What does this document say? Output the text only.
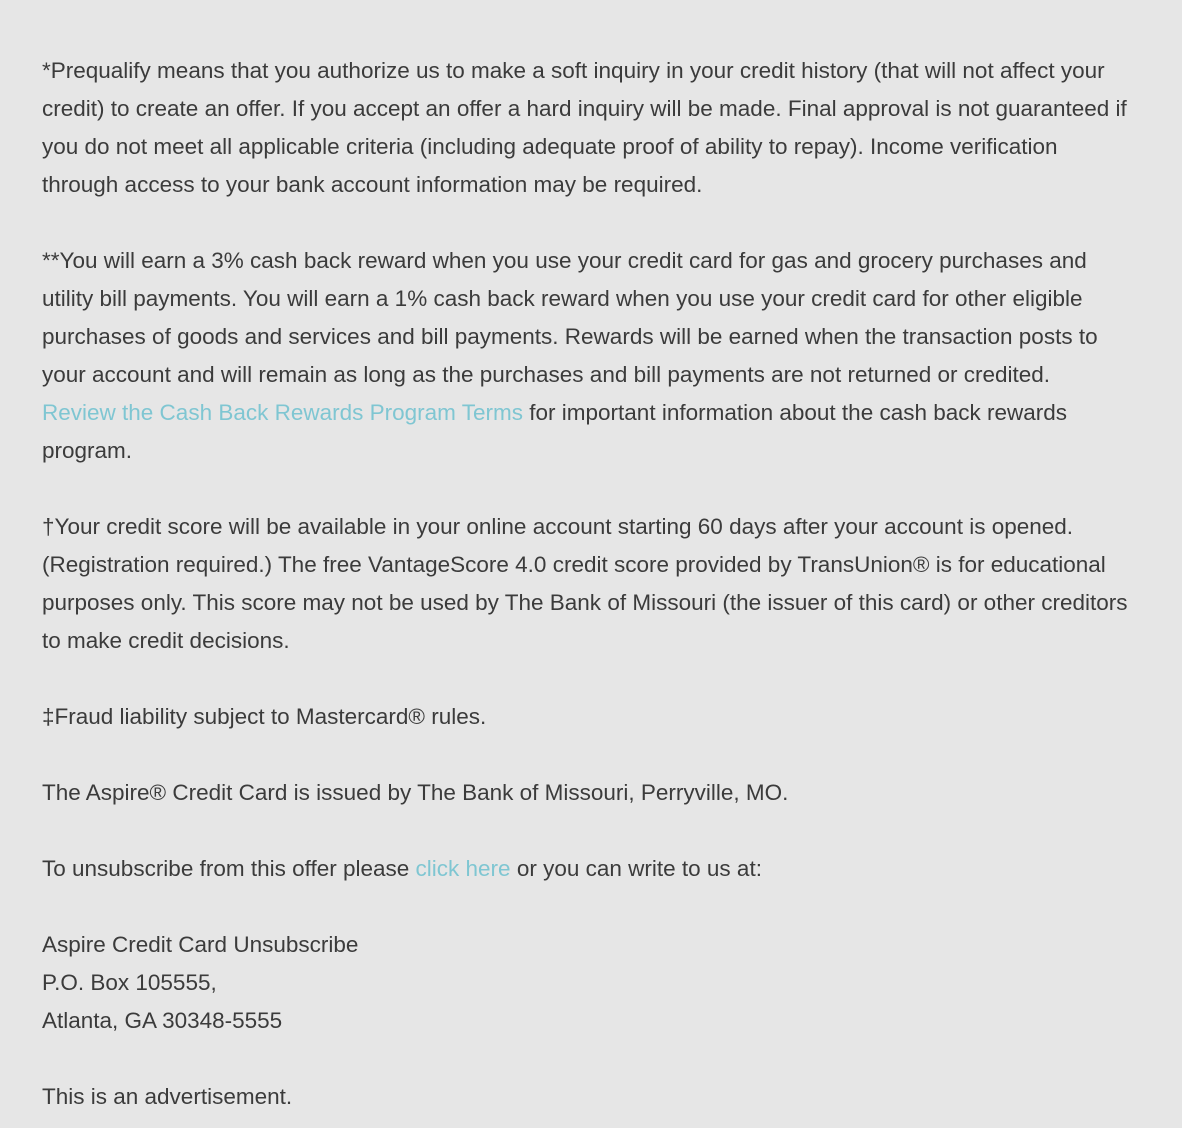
*Prequalify means that you authorize us to make a soft inquiry in your credit history (that will not affect your credit) to create an offer. If you accept an offer a hard inquiry will be made. Final approval is not guaranteed if you do not meet all applicable criteria (including adequate proof of ability to repay). Income verification through access to your bank account information may be required.

**You will earn a 3% cash back reward when you use your credit card for gas and grocery purchases and utility bill payments. You will earn a 1% cash back reward when you use your credit card for other eligible purchases of goods and services and bill payments. Rewards will be earned when the transaction posts to your account and will remain as long as the purchases and bill payments are not returned or credited. Review the Cash Back Rewards Program Terms for important information about the cash back rewards program.

†Your credit score will be available in your online account starting 60 days after your account is opened. (Registration required.) The free VantageScore 4.0 credit score provided by TransUnion® is for educational purposes only. This score may not be used by The Bank of Missouri (the issuer of this card) or other creditors to make credit decisions.

‡Fraud liability subject to Mastercard® rules.

The Aspire® Credit Card is issued by The Bank of Missouri, Perryville, MO.

To unsubscribe from this offer please click here or you can write to us at:

Aspire Credit Card Unsubscribe
P.O. Box 105555,
Atlanta, GA 30348-5555

This is an advertisement.
